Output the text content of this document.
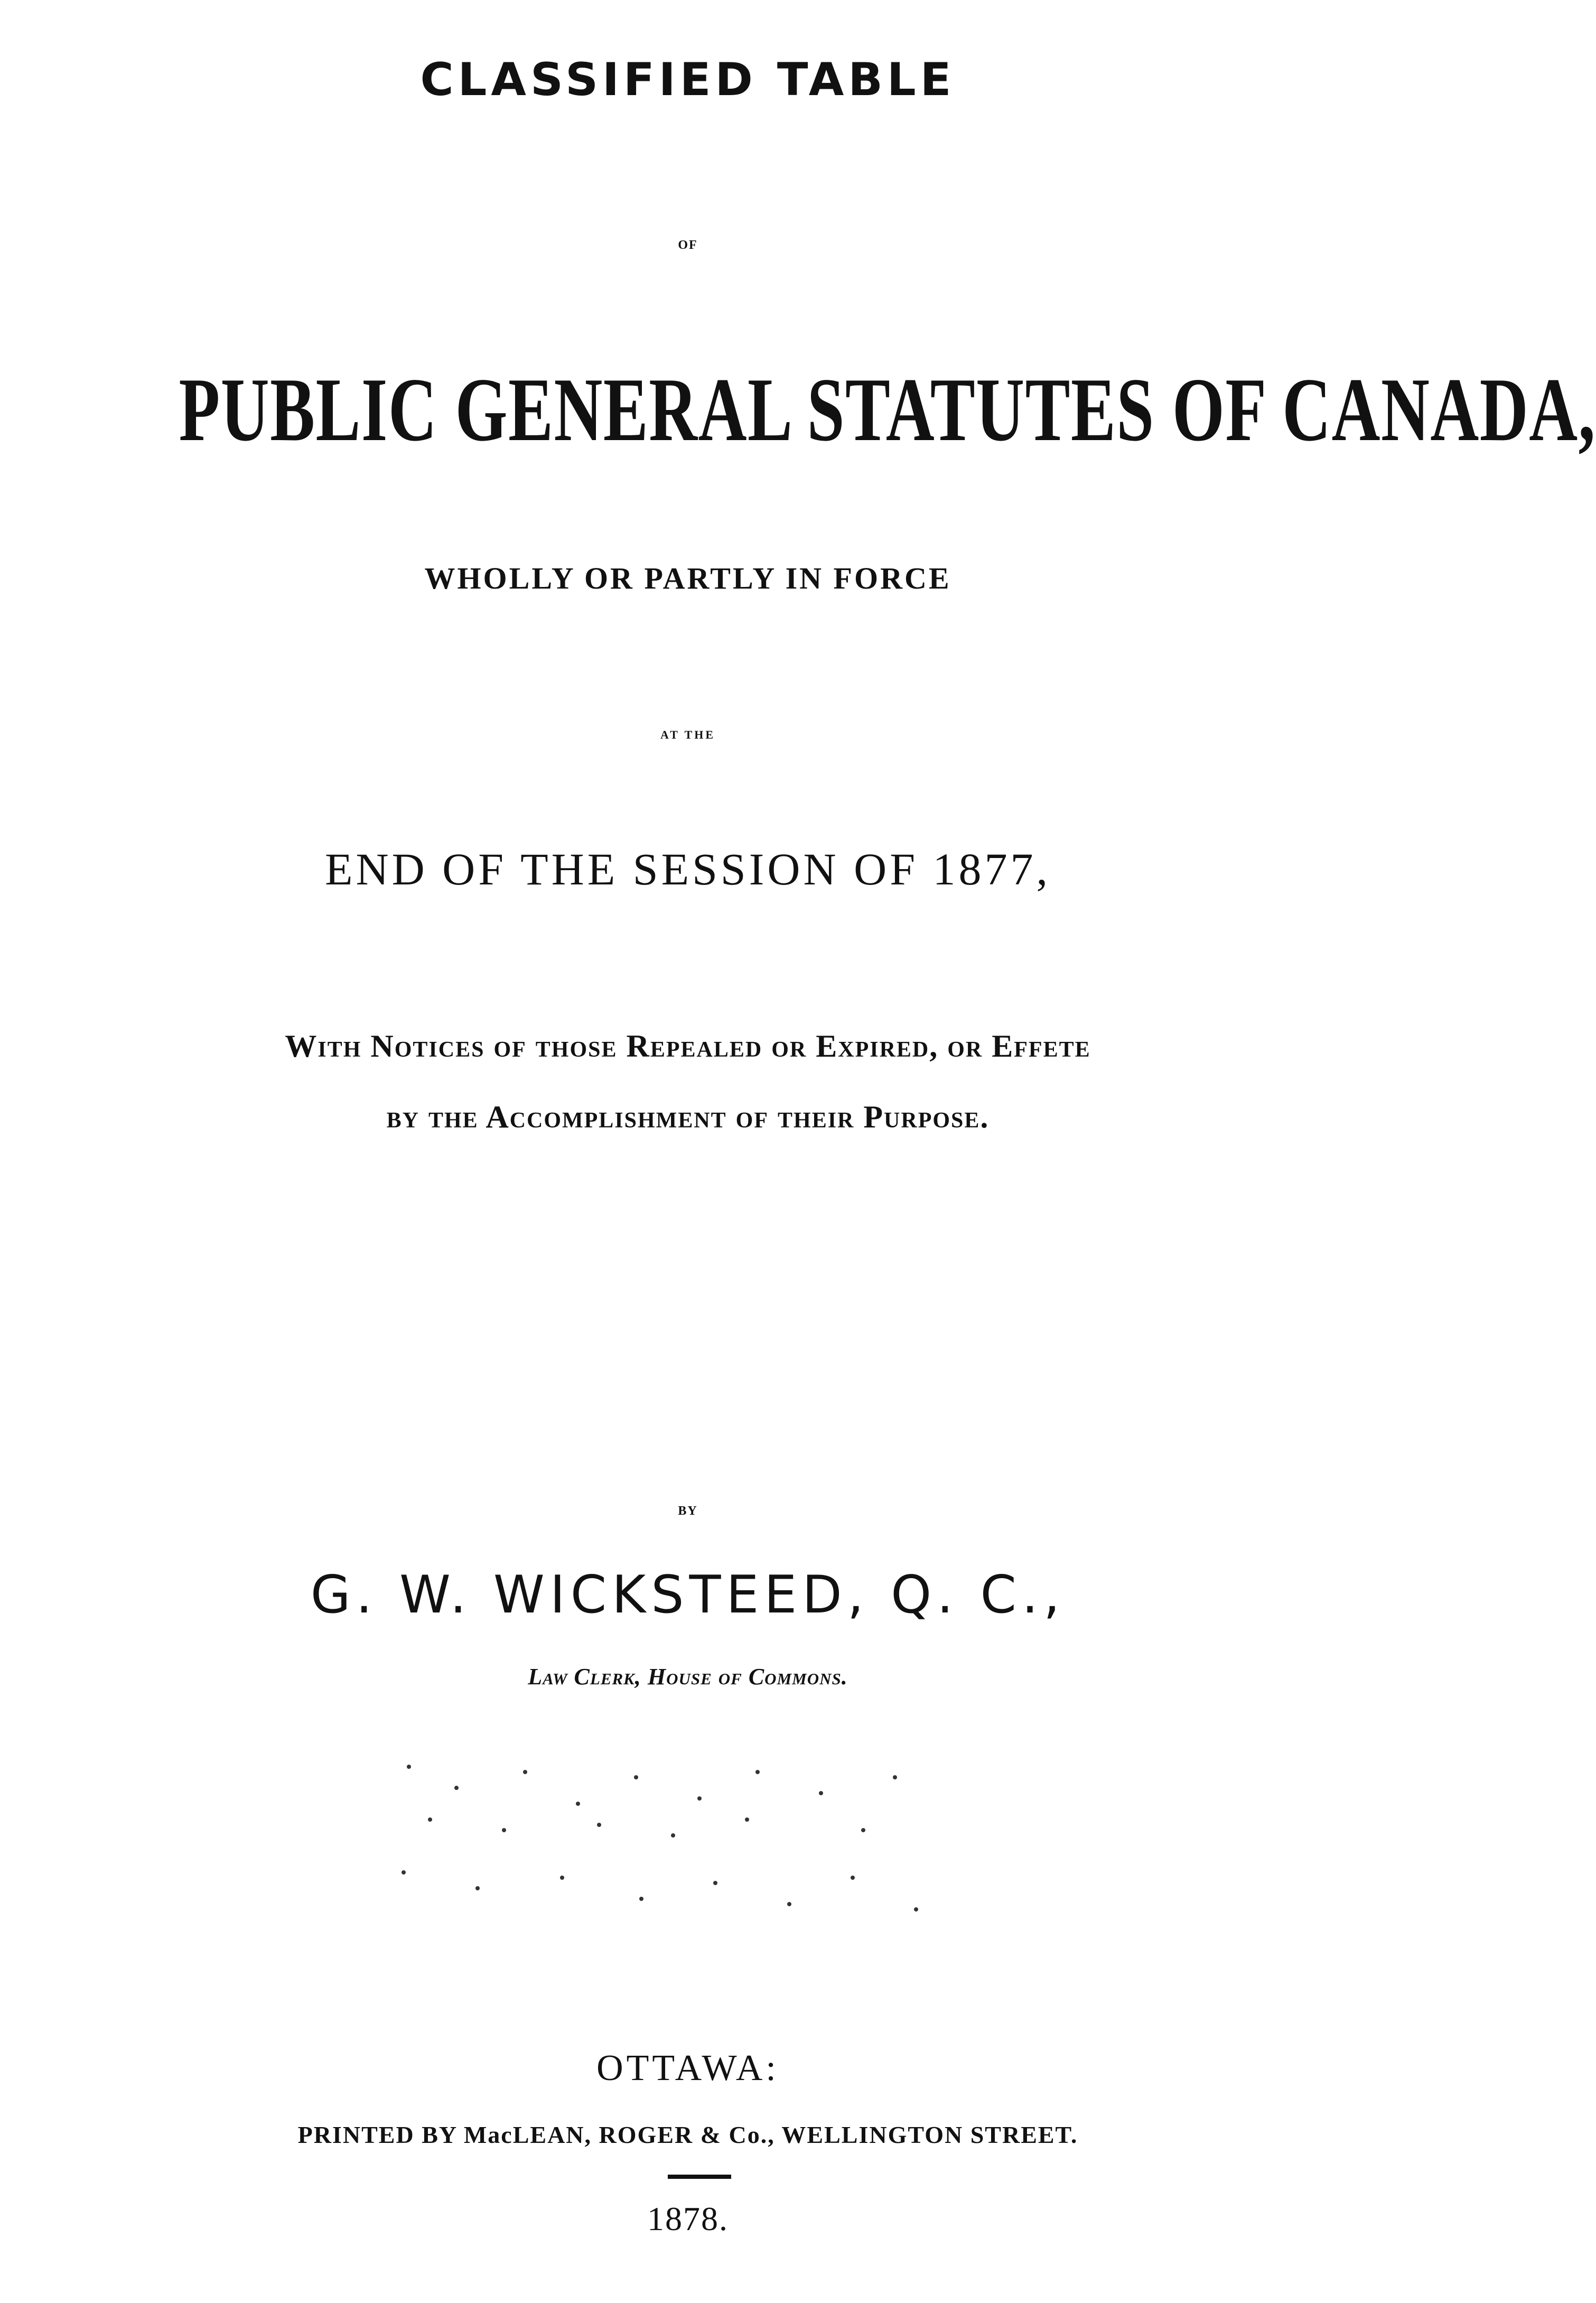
CLASSIFIED TABLE
OF
PUBLIC GENERAL STATUTES OF CANADA,
WHOLLY OR PARTLY IN FORCE
AT THE
END OF THE SESSION OF 1877,
With Notices of those Repealed or Expired, or Effete
by the Accomplishment of their Purpose.
BY
G. W. WICKSTEED, Q. C.,
Law Clerk, House of Commons.
OTTAWA:
PRINTED BY MacLEAN, ROGER & Co., WELLINGTON STREET.
1878.
